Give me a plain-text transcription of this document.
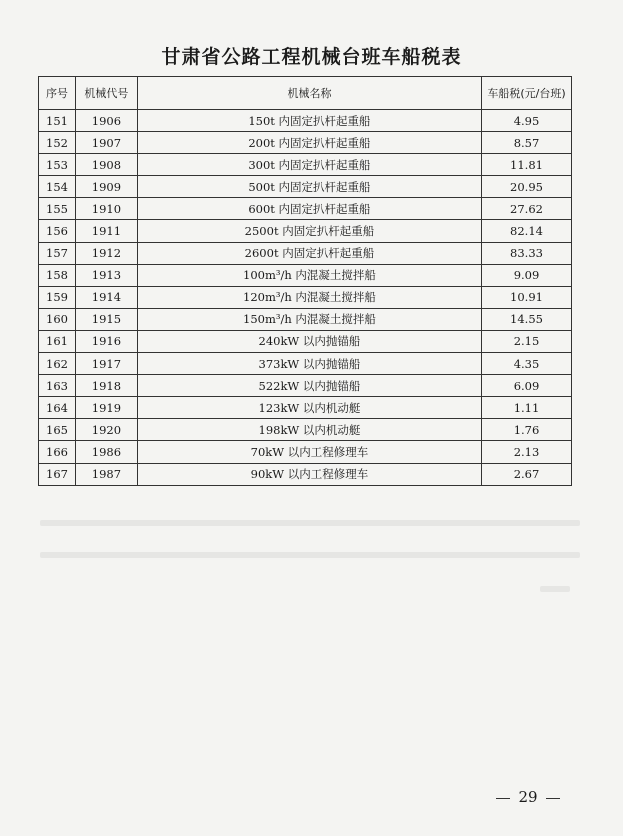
甘肃省公路工程机械台班车船税表
序号	机械代号	机械名称	车船税(元/台班)
151	1906	150t 内固定扒杆起重船	4.95
152	1907	200t 内固定扒杆起重船	8.57
153	1908	300t 内固定扒杆起重船	11.81
154	1909	500t 内固定扒杆起重船	20.95
155	1910	600t 内固定扒杆起重船	27.62
156	1911	2500t 内固定扒杆起重船	82.14
157	1912	2600t 内固定扒杆起重船	83.33
158	1913	100m³/h 内混凝土搅拌船	9.09
159	1914	120m³/h 内混凝土搅拌船	10.91
160	1915	150m³/h 内混凝土搅拌船	14.55
161	1916	240kW 以内抛锚船	2.15
162	1917	373kW 以内抛锚船	4.35
163	1918	522kW 以内抛锚船	6.09
164	1919	123kW 以内机动艇	1.11
165	1920	198kW 以内机动艇	1.76
166	1986	70kW 以内工程修理车	2.13
167	1987	90kW 以内工程修理车	2.67
29
